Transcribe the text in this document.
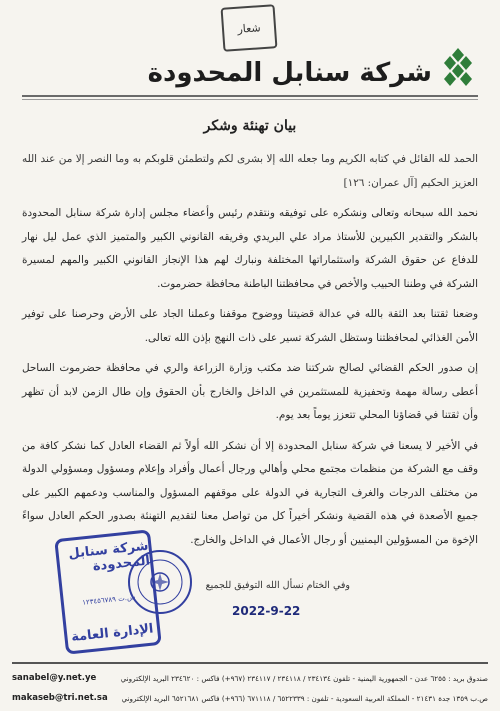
شعار
شركة سنابل المحدودة
بيان تهنئة وشكر

الحمد لله القائل في كتابه الكريم وما جعله الله إلا بشرى لكم ولتطمئن قلوبكم به وما النصر إلا من عند الله العزيز الحكيم [آل عمران: ١٢٦]

نحمد الله سبحانه وتعالى ونشكره على توفيقه ونتقدم رئيس وأعضاء مجلس إدارة شركة سنابل المحدودة بالشكر والتقدير الكبيرين للأستاذ مراد علي البريدي وفريقه القانوني الكبير والمتميز الذي عمل ليل نهار للدفاع عن حقوق الشركة واستثماراتها المختلفة ونبارك لهم هذا الإنجاز القانوني الكبير والمهم لمسيرة الشركة في وطننا الحبيب والأخص في محافظتنا الباطنة محافظة حضرموت.

وضعنا ثقتنا بعد الثقة بالله في عدالة قضيتنا ووضوح موقفنا وعملنا الجاد على الأرض وحرصنا على توفير الأمن الغذائي لمحافظتنا وستظل الشركة تسير على ذات النهج بإذن الله تعالى.

إن صدور الحكم القضائي لصالح شركتنا ضد مكتب وزارة الزراعة والري في محافظة حضرموت الساحل أعطى رسالة مهمة وتحفيزية للمستثمرين في الداخل والخارج بأن الحقوق وإن طال الزمن لابد أن تظهر وأن ثقتنا في قضاؤنا المحلي تتعزز يوماً بعد يوم.

في الأخير لا يسعنا في شركة سنابل المحدودة إلا أن نشكر الله أولاً ثم القضاء العادل كما نشكر كافة من وقف مع الشركة من منظمات مجتمع محلي وأهالي ورجال أعمال وأفراد وإعلام ومسؤول ومسؤولي الدولة من مختلف الدرجات والغرف التجارية في الدولة على موقفهم المسؤول والمناسب ودعمهم الكبير على جميع الأصعدة في هذه القضية ونشكر أخيراً كل من تواصل معنا لتقديم التهنئة بصدور الحكم العادل سواءً الإخوة من المسؤولين اليمنيين أو رجال الأعمال في الداخل والخارج.

وفي الختام نسأل الله التوفيق للجميع
2022-9-22
شركة سنابل المحدودة
س.ت ١٢٣٤٥٦٧٨٩
الإدارة العامة
sanabel@y.net.ye	صندوق بريد : ٦٢٥٥ عدن - الجمهورية اليمنية - تلفون ٢٣٤١٣٤ / ٢٣٤١١٨ / ٢٣٤١١٧ (٩٦٧+) فاكس : ٢٣٤٦٢٠ البريد الإلكتروني
makaseb@tri.net.sa ص.ب ١٣٥٩ جدة ٢١٤٣١ - المملكة العربية السعودية - تلفون : ٦٥٢٢٣٣٩ / ٦٧١١١٨ (٩٦٦+) فاكس ٦٥٢١٦٨١ البريد الإلكتروني
